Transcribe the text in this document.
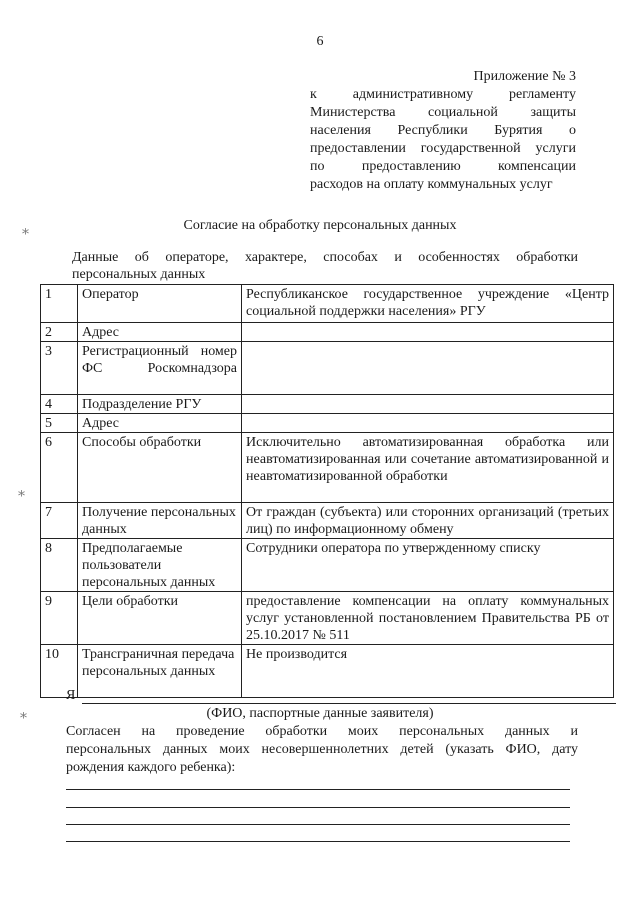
⁎
⁎
⁎
6
Приложение № 3
к административному регламенту
Министерства социальной защиты
населения Республики Бурятия о
предоставлении государственной услуги
по предоставлению компенсации
расходов на оплату коммунальных услуг
Согласие на обработку персональных данных
Данные об операторе, характере, способах и особенностях обработки
персональных данных
1	Оператор	Республиканское государственное учреждение «Центр социальной поддержки населения» РГУ
2	Адрес	
3	Регистрационный номер ФС Роскомнадзора	
4	Подразделение РГУ	
5	Адрес	
6	Способы обработки	Исключительно автоматизированная обработка или неавтоматизированная или сочетание автоматизированной и неавтоматизированной обработки
7	Получение персональных данных	От граждан (субъекта) или сторонних организаций (третьих лиц) по информационному обмену
8	Предполагаемые пользователи персональных данных	Сотрудники оператора по утвержденному списку
9	Цели обработки	предоставление компенсации на оплату коммунальных услуг установленной постановлением Правительства РБ от 25.10.2017 № 511
10	Трансграничная передача персональных данных	Не производится
Я
(ФИО, паспортные данные заявителя)
Согласен на проведение обработки моих персональных данных и
персональных данных моих несовершеннолетних детей (указать ФИО, дату
рождения каждого ребенка):
